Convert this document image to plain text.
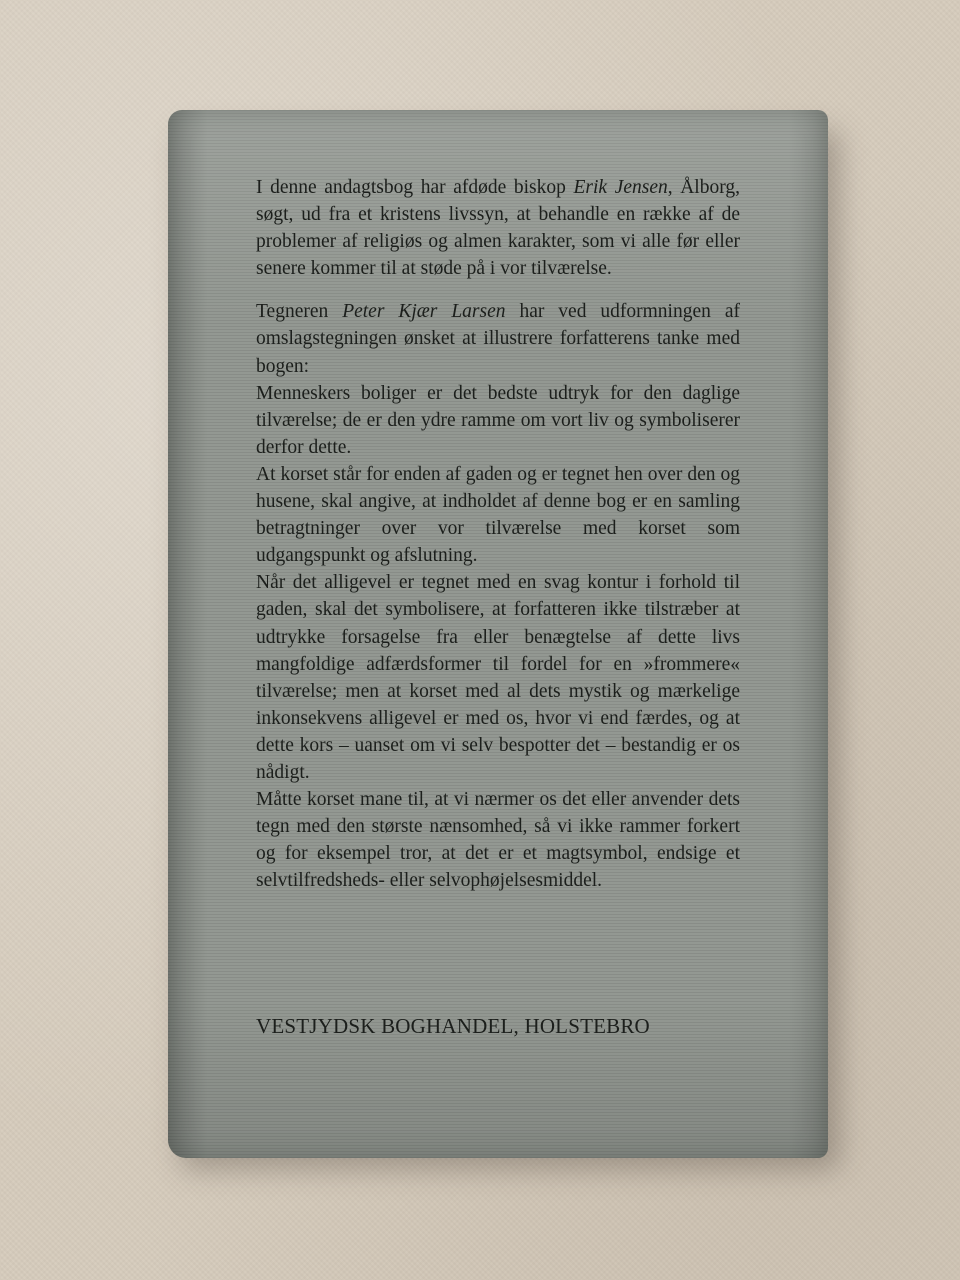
I denne andagtsbog har afdøde biskop Erik Jensen, Ålborg, søgt, ud fra et kristens livssyn, at behandle en række af de problemer af religiøs og almen karakter, som vi alle før eller senere kommer til at støde på i vor tilværelse.

Tegneren Peter Kjær Larsen har ved udformningen af omslagstegningen ønsket at illustrere forfatterens tanke med bogen:

Menneskers boliger er det bedste udtryk for den daglige tilværelse; de er den ydre ramme om vort liv og symboliserer derfor dette.

At korset står for enden af gaden og er tegnet hen over den og husene, skal angive, at indholdet af denne bog er en samling betragtninger over vor tilværelse med korset som udgangspunkt og afslutning.

Når det alligevel er tegnet med en svag kontur i forhold til gaden, skal det symbolisere, at forfatteren ikke tilstræber at udtrykke forsagelse fra eller benægtelse af dette livs mangfoldige adfærdsformer til fordel for en »frommere« tilværelse; men at korset med al dets mystik og mærkelige inkonsekvens alligevel er med os, hvor vi end færdes, og at dette kors – uanset om vi selv bespotter det – bestandig er os nådigt.

Måtte korset mane til, at vi nærmer os det eller anvender dets tegn med den største nænsomhed, så vi ikke rammer forkert og for eksempel tror, at det er et magtsymbol, endsige et selvtilfredsheds- eller selvophøjelsesmiddel.

VESTJYDSK BOGHANDEL, HOLSTEBRO
